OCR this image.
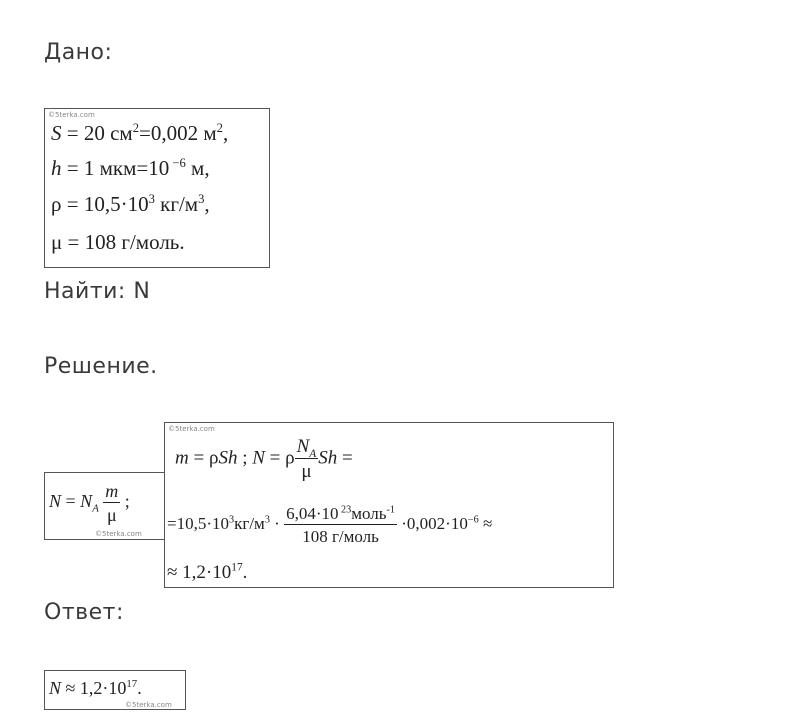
Дано:
Найти: N
Решение.
Ответ:
©5terka.com
S = 20 $см^2=0,002$ $м^2$,
h = 1 мкм=10 $^{-6}$ м,
$\rho = 10,5\cdot 10^3$ $кг/м^3$,
μ = 108 г/моль.
$N = N_A \frac{m}{\mu}$ ;
©5terka.com
©5terka.com
m = ρSh ; N = ρ $\frac{N_A}{\mu}$ Sh =
$=10,5\cdot 10^3кг/м^3 \cdot \frac{6,04\cdot 10 ^{23}моль^{-1}}{\text{108 г/моль}} \cdot 0,002\cdot 10^{-6}$ ≈
≈ $1,2\cdot 10^{17}$.
$N \approx 1,2\cdot 10^{17}$.
©5terka.com
